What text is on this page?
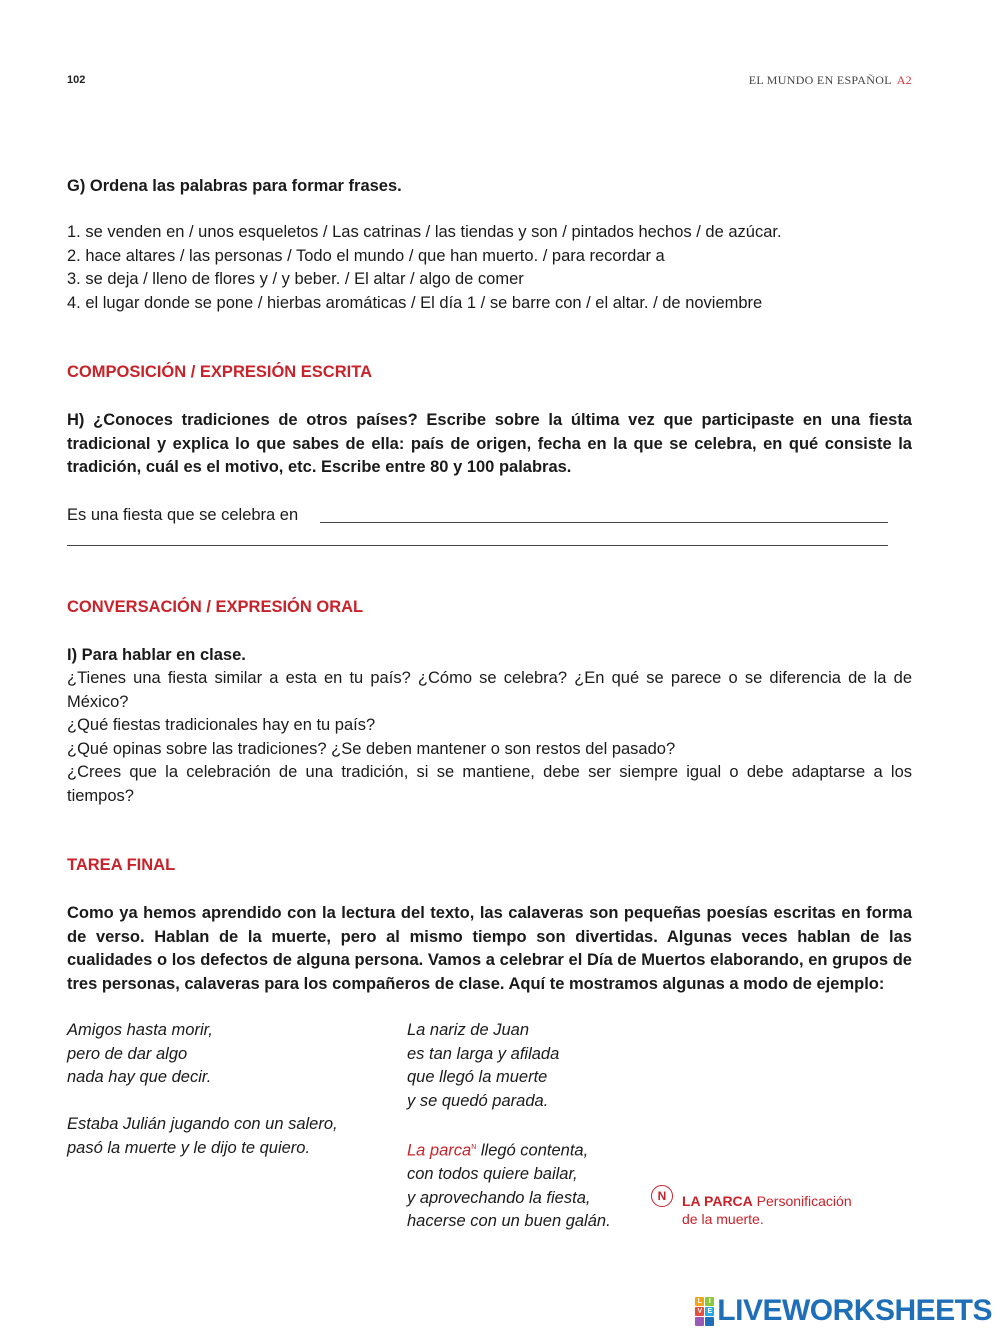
102	EL MUNDO EN ESPAÑOL A2
G) Ordena las palabras para formar frases.
1. se venden en / unos esqueletos / Las catrinas / las tiendas y son / pintados hechos / de azúcar.
2. hace altares / las personas / Todo el mundo / que han muerto. / para recordar a
3. se deja / lleno de flores y / y beber. / El altar / algo de comer
4. el lugar donde se pone / hierbas aromáticas / El día 1 / se barre con / el altar. / de noviembre
COMPOSICIÓN / EXPRESIÓN ESCRITA
H) ¿Conoces tradiciones de otros países? Escribe sobre la última vez que participaste en una fiesta tradicional y explica lo que sabes de ella: país de origen, fecha en la que se celebra, en qué consiste la tradición, cuál es el motivo, etc. Escribe entre 80 y 100 palabras.
Es una fiesta que se celebra en
CONVERSACIÓN / EXPRESIÓN ORAL
I) Para hablar en clase.
¿Tienes una fiesta similar a esta en tu país? ¿Cómo se celebra? ¿En qué se parece o se diferencia de la de México?
¿Qué fiestas tradicionales hay en tu país?
¿Qué opinas sobre las tradiciones? ¿Se deben mantener o son restos del pasado?
¿Crees que la celebración de una tradición, si se mantiene, debe ser siempre igual o debe adaptarse a los tiempos?
TAREA FINAL
Como ya hemos aprendido con la lectura del texto, las calaveras son pequeñas poesías escritas en forma de verso. Hablan de la muerte, pero al mismo tiempo son divertidas. Algunas veces hablan de las cualidades o los defectos de alguna persona. Vamos a celebrar el Día de Muertos elaborando, en grupos de tres personas, calaveras para los compañeros de clase. Aquí te mostramos algunas a modo de ejemplo:
Amigos hasta morir,
pero de dar algo
nada hay que decir.
Estaba Julián jugando con un salero,
pasó la muerte y le dijo te quiero.
La nariz de Juan
es tan larga y afilada
que llegó la muerte
y se quedó parada.
La parca$^N$ llegó contenta,
con todos quiere bailar,
y aprovechando la fiesta,
hacerse con un buen galán.
N	LA PARCA Personificación
de la muerte.
L I
V E LIVEWORKSHEETS
